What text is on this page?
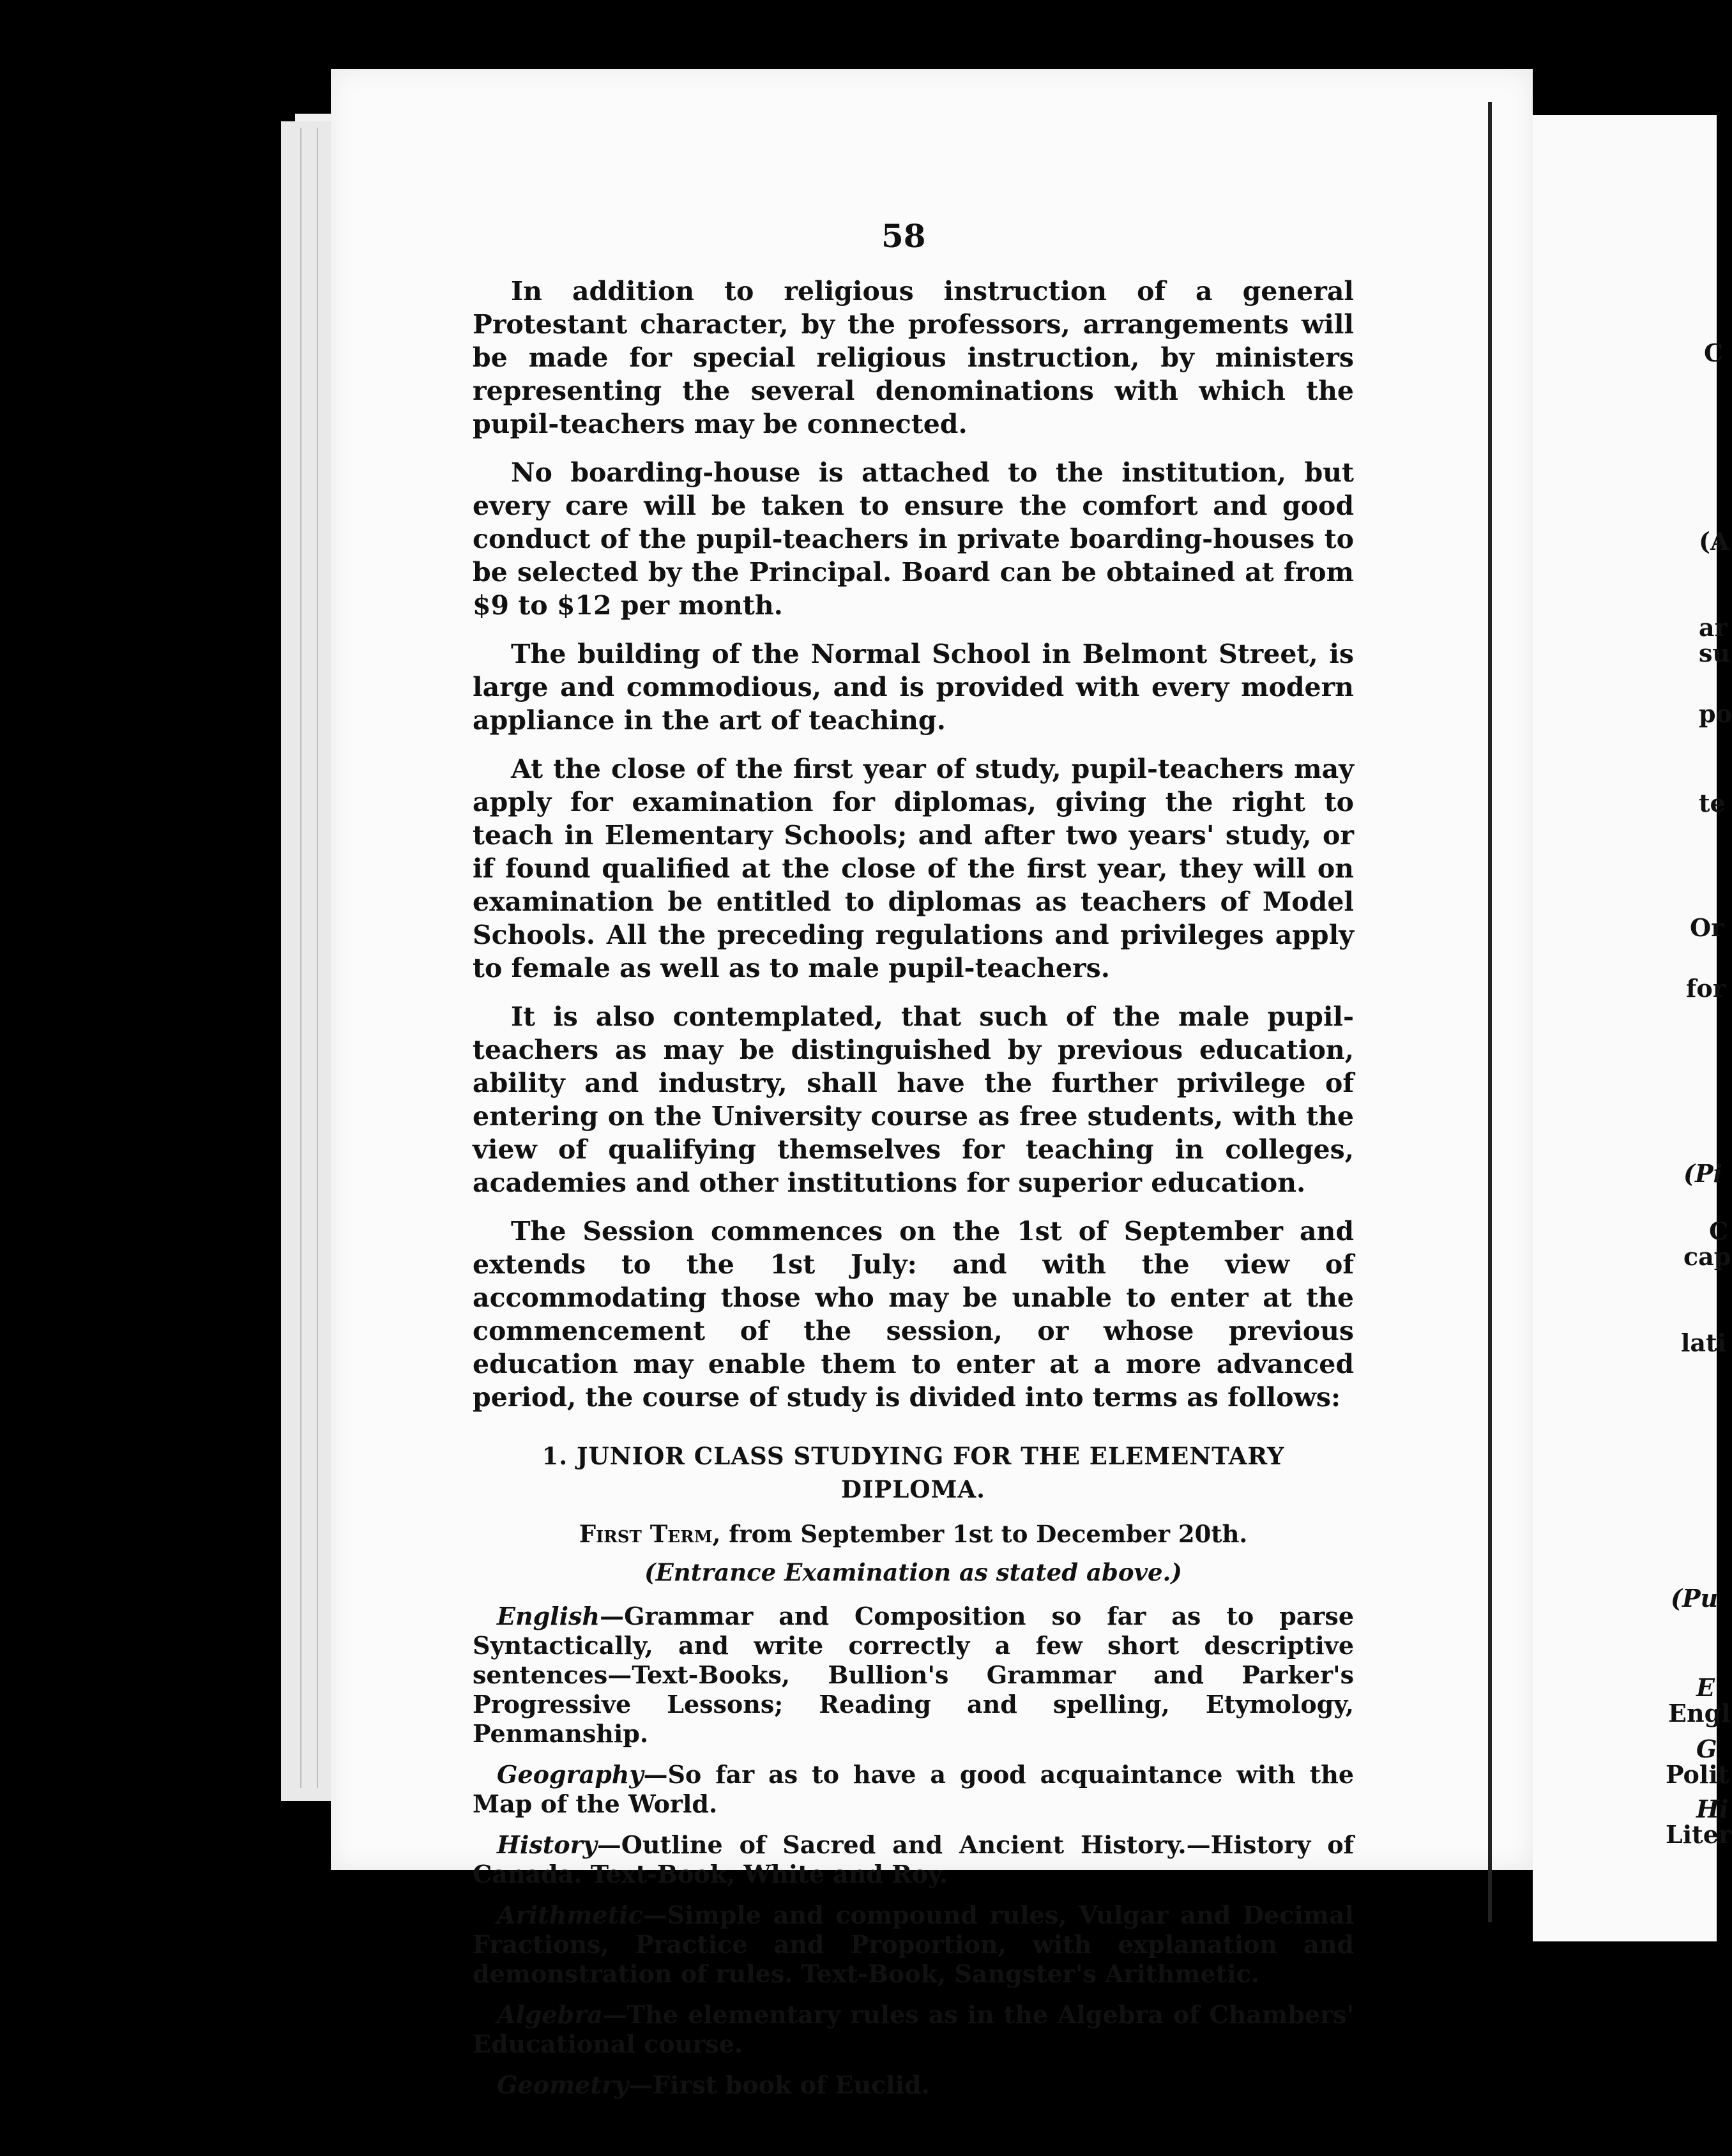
58

In addition to religious instruction of a general Protestant character, by the professors, arrangements will be made for special religious instruction, by ministers representing the several denominations with which the pupil-teachers may be connected.

No boarding-house is attached to the institution, but every care will be taken to ensure the comfort and good conduct of the pupil-teachers in private boarding-houses to be selected by the Principal. Board can be obtained at from $9 to $12 per month.

The building of the Normal School in Belmont Street, is large and commodious, and is provided with every modern appliance in the art of teaching.

At the close of the first year of study, pupil-teachers may apply for examination for diplomas, giving the right to teach in Elementary Schools; and after two years' study, or if found qualified at the close of the first year, they will on examination be entitled to diplomas as teachers of Model Schools. All the preceding regulations and privileges apply to female as well as to male pupil-teachers.

It is also contemplated, that such of the male pupil-teachers as may be distinguished by previous education, ability and industry, shall have the further privilege of entering on the University course as free students, with the view of qualifying themselves for teaching in colleges, academies and other institutions for superior education.

The Session commences on the 1st of September and extends to the 1st July: and with the view of accommodating those who may be unable to enter at the commencement of the session, or whose previous education may enable them to enter at a more advanced period, the course of study is divided into terms as follows:

1. JUNIOR CLASS STUDYING FOR THE ELEMENTARY DIPLOMA.
First Term, from September 1st to December 20th.
(Entrance Examination as stated above.)

English—Grammar and Composition so far as to parse Syntactically, and write correctly a few short descriptive sentences—Text-Books, Bullion's Grammar and Parker's Progressive Lessons; Reading and spelling, Etymology, Penmanship.

Geography—So far as to have a good acquaintance with the Map of the World.

History—Outline of Sacred and Ancient History.—History of Canada. Text-Book, White and Roy.

Arithmetic—Simple and compound rules, Vulgar and Decimal Fractions, Practice and Proportion, with explanation and demonstration of rules. Text-Book, Sangster's Arithmetic.

Algebra—The elementary rules as in the Algebra of Chambers' Educational course.

Geometry—First book of Euclid.

C
(A
ar
su
po
te
Or
for
(Pi
C
cap
lati
(Pu
E
Engl
G
Polit
Hi
Liter
